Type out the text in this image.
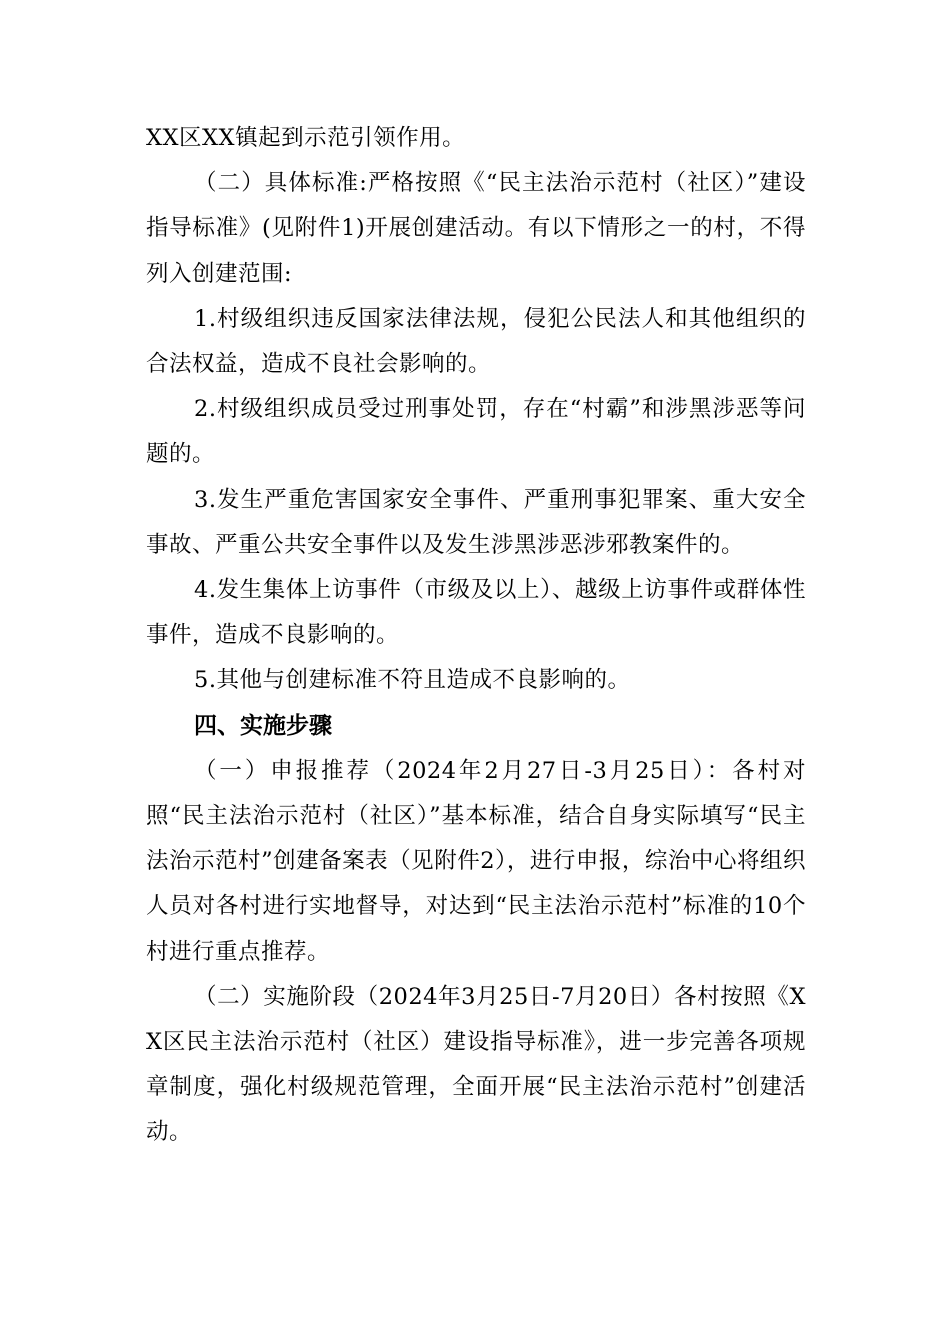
XX区XX镇起到示范引领作用。

（二）具体标准:严格按照《“民主法治示范村（社区）”建设指导标准》(见附件1)开展创建活动。有以下情形之一的村，不得列入创建范围:

1.村级组织违反国家法律法规，侵犯公民法人和其他组织的合法权益，造成不良社会影响的。

2.村级组织成员受过刑事处罚，存在“村霸”和涉黑涉恶等问题的。

3.发生严重危害国家安全事件、严重刑事犯罪案、重大安全事故、严重公共安全事件以及发生涉黑涉恶涉邪教案件的。

4.发生集体上访事件（市级及以上）、越级上访事件或群体性事件，造成不良影响的。

5.其他与创建标准不符且造成不良影响的。

四、实施步骤

（一）申报推荐（2024年2月27日-3月25日）：各村对照“民主法治示范村（社区）”基本标准，结合自身实际填写“民主法治示范村”创建备案表（见附件2），进行申报，综治中心将组织人员对各村进行实地督导，对达到“民主法治示范村”标准的10个村进行重点推荐。

（二）实施阶段（2024年3月25日-7月20日）各村按照《XX区民主法治示范村（社区）建设指导标准》，进一步完善各项规章制度，强化村级规范管理，全面开展“民主法治示范村”创建活动。
